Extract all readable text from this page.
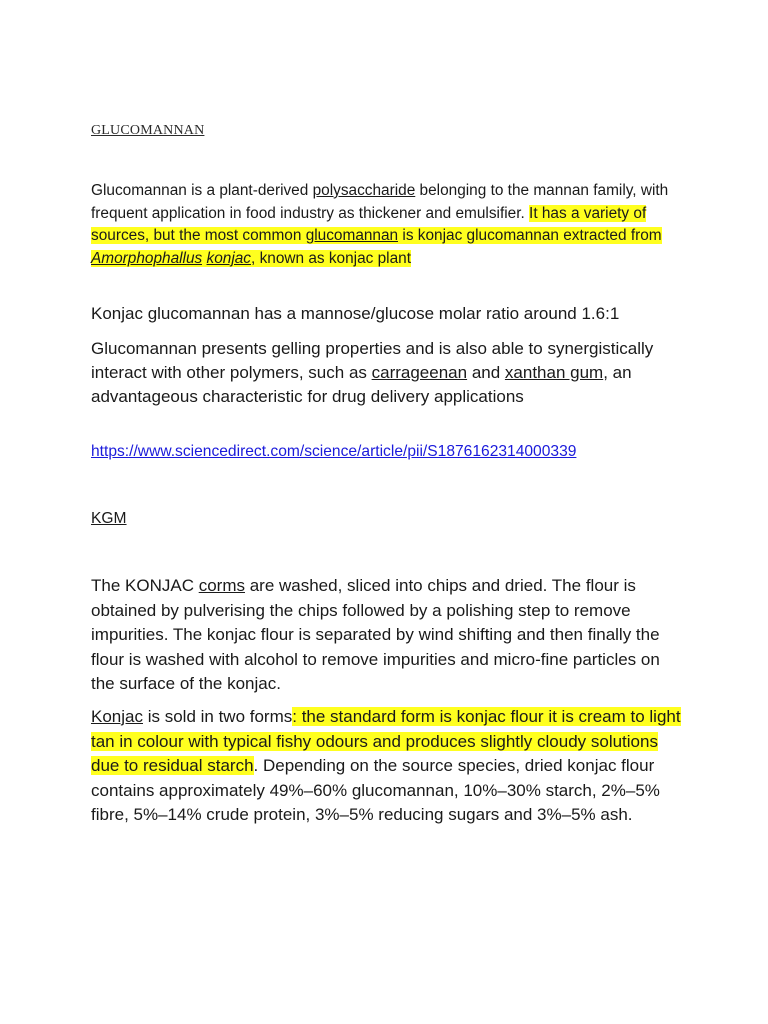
GLUCOMANNAN

Glucomannan is a plant-derived polysaccharide belonging to the mannan family, with frequent application in food industry as thickener and emulsifier. It has a variety of sources, but the most common glucomannan is konjac glucomannan extracted from Amorphophallus konjac, known as konjac plant

Konjac glucomannan has a mannose/glucose molar ratio around 1.6:1

Glucomannan presents gelling properties and is also able to synergistically interact with other polymers, such as carrageenan and xanthan gum, an advantageous characteristic for drug delivery applications

https://www.sciencedirect.com/science/article/pii/S1876162314000339
KGM

The KONJAC corms are washed, sliced into chips and dried. The flour is obtained by pulverising the chips followed by a polishing step to remove impurities. The konjac flour is separated by wind shifting and then finally the flour is washed with alcohol to remove impurities and micro-fine particles on the surface of the konjac.

Konjac is sold in two forms: the standard form is konjac flour it is cream to light tan in colour with typical fishy odours and produces slightly cloudy solutions due to residual starch. Depending on the source species, dried konjac flour contains approximately 49%–60% glucomannan, 10%–30% starch, 2%–5% fibre, 5%–14% crude protein, 3%–5% reducing sugars and 3%–5% ash.
